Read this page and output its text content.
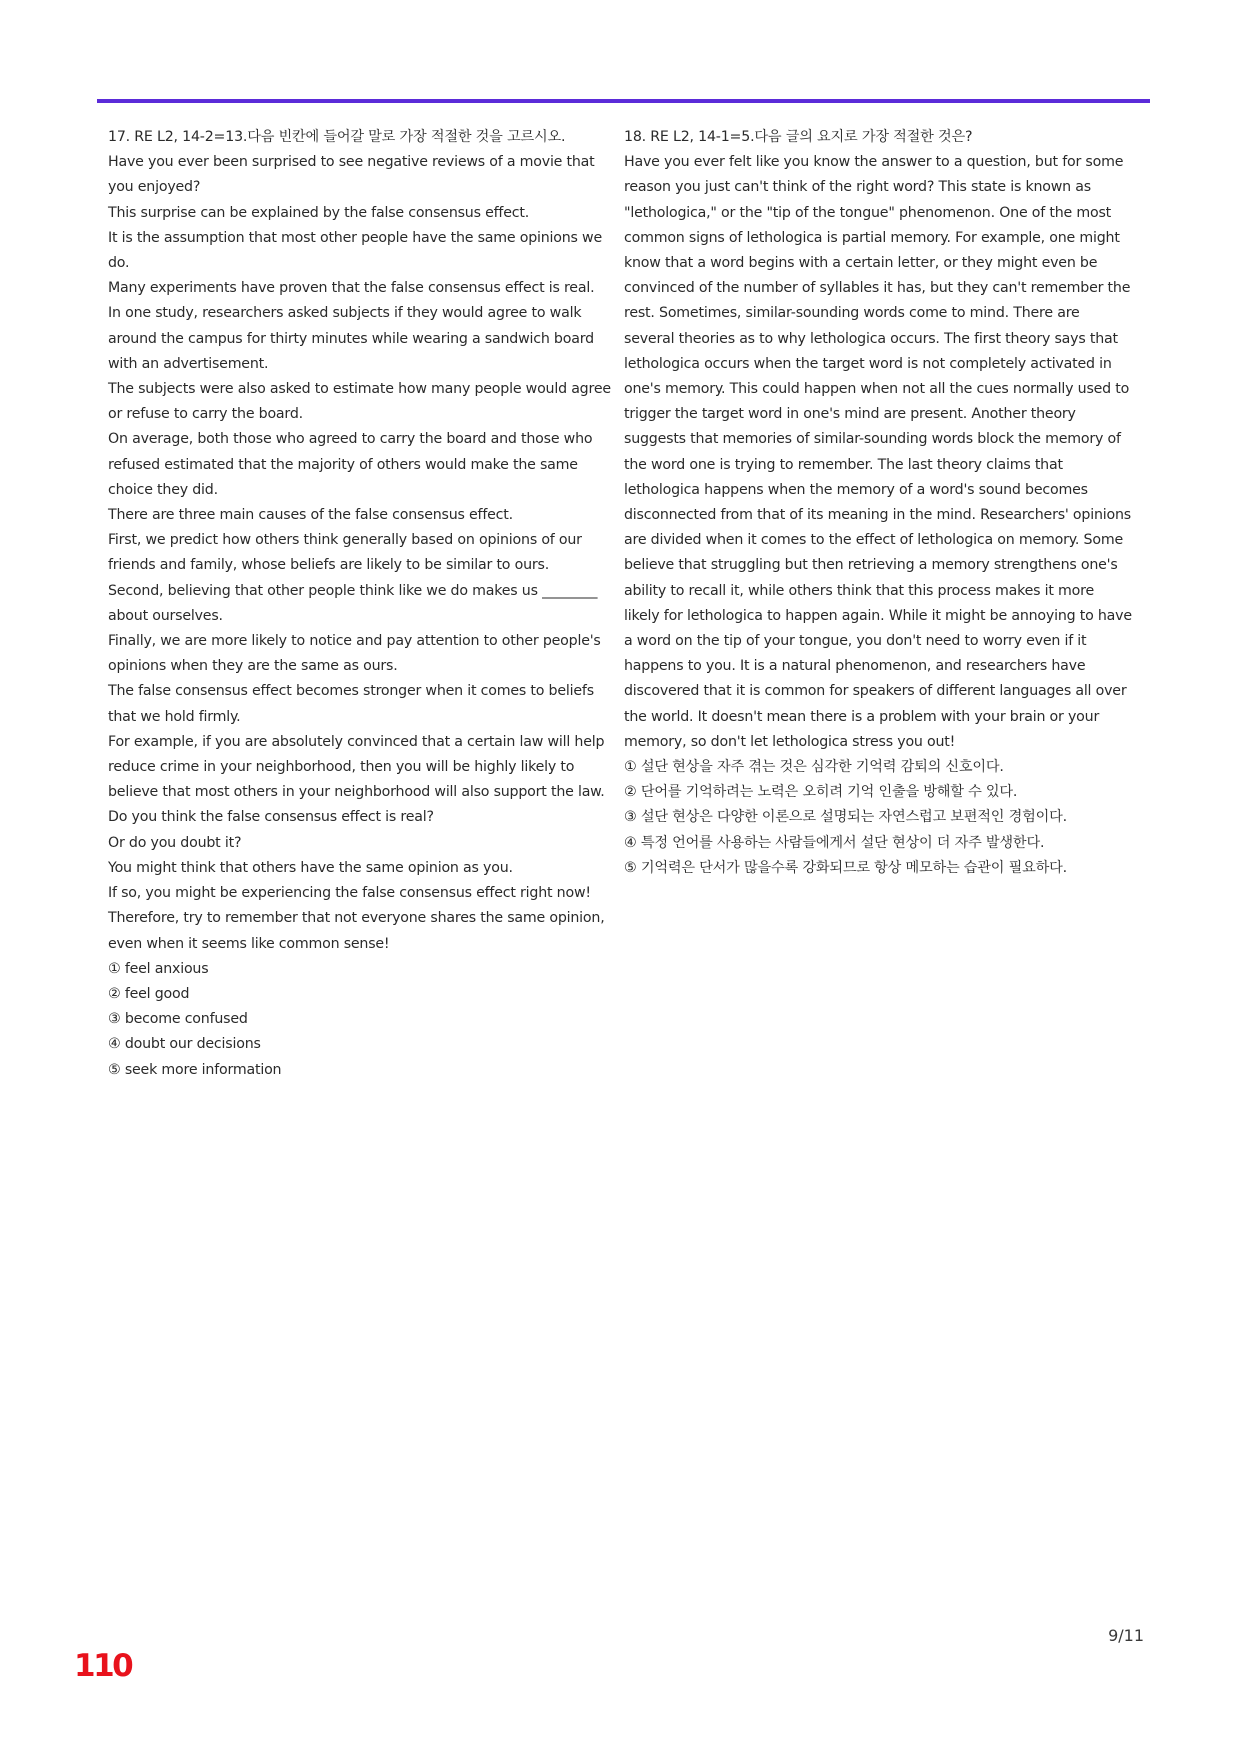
17. RE L2, 14-2=13.다음 빈칸에 들어갈 말로 가장 적절한 것을 고르시오.

Have you ever been surprised to see negative reviews of a movie that you enjoyed?

This surprise can be explained by the false consensus effect.

It is the assumption that most other people have the same opinions we do.

Many experiments have proven that the false consensus effect is real.

In one study, researchers asked subjects if they would agree to walk around the campus for thirty minutes while wearing a sandwich board with an advertisement.

The subjects were also asked to estimate how many people would agree or refuse to carry the board.

On average, both those who agreed to carry the board and those who refused estimated that the majority of others would make the same choice they did.

There are three main causes of the false consensus effect.

First, we predict how others think generally based on opinions of our friends and family, whose beliefs are likely to be similar to ours.

Second, believing that other people think like we do makes us ________ about ourselves.

Finally, we are more likely to notice and pay attention to other people's opinions when they are the same as ours.

The false consensus effect becomes stronger when it comes to beliefs that we hold firmly.

For example, if you are absolutely convinced that a certain law will help reduce crime in your neighborhood, then you will be highly likely to believe that most others in your neighborhood will also support the law.

Do you think the false consensus effect is real?

Or do you doubt it?

You might think that others have the same opinion as you.

If so, you might be experiencing the false consensus effect right now!

Therefore, try to remember that not everyone shares the same opinion, even when it seems like common sense!

① feel anxious

② feel good

③ become confused

④ doubt our decisions

⑤ seek more information

18. RE L2, 14-1=5.다음 글의 요지로 가장 적절한 것은?

Have you ever felt like you know the answer to a question, but for some reason you just can't think of the right word? This state is known as "lethologica," or the "tip of the tongue" phenomenon. One of the most common signs of lethologica is partial memory. For example, one might know that a word begins with a certain letter, or they might even be convinced of the number of syllables it has, but they can't remember the rest. Sometimes, similar-sounding words come to mind. There are several theories as to why lethologica occurs. The first theory says that lethologica occurs when the target word is not completely activated in one's memory. This could happen when not all the cues normally used to trigger the target word in one's mind are present. Another theory suggests that memories of similar-sounding words block the memory of the word one is trying to remember. The last theory claims that lethologica happens when the memory of a word's sound becomes disconnected from that of its meaning in the mind. Researchers' opinions are divided when it comes to the effect of lethologica on memory. Some believe that struggling but then retrieving a memory strengthens one's ability to recall it, while others think that this process makes it more likely for lethologica to happen again. While it might be annoying to have a word on the tip of your tongue, you don't need to worry even if it happens to you. It is a natural phenomenon, and researchers have discovered that it is common for speakers of different languages all over the world. It doesn't mean there is a problem with your brain or your memory, so don't let lethologica stress you out!

① 설단 현상을 자주 겪는 것은 심각한 기억력 감퇴의 신호이다.

② 단어를 기억하려는 노력은 오히려 기억 인출을 방해할 수 있다.

③ 설단 현상은 다양한 이론으로 설명되는 자연스럽고 보편적인 경험이다.

④ 특정 언어를 사용하는 사람들에게서 설단 현상이 더 자주 발생한다.

⑤ 기억력은 단서가 많을수록 강화되므로 항상 메모하는 습관이 필요하다.

9/11
110
